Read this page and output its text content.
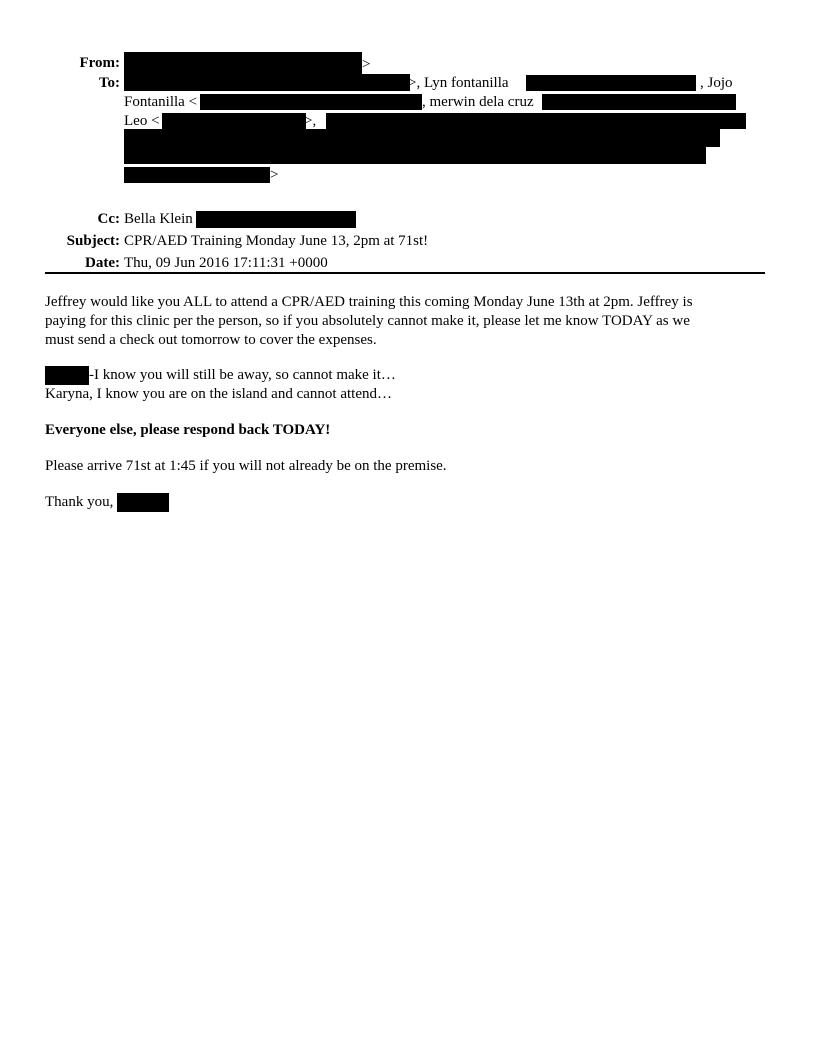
From:	>
To:	>, Lyn fontanilla	, Jojo
Fontanilla <	, merwin dela cruz
Leo <	>,
>
Cc: Bella Klein
Subject: CPR/AED Training Monday June 13, 2pm at 71st!
Date: Thu, 09 Jun 2016 17:11:31 +0000
Jeffrey would like you ALL to attend a CPR/AED training this coming Monday June 13th at 2pm. Jeffrey is
paying for this clinic per the person, so if you absolutely cannot make it, please let me know TODAY as we
must send a check out tomorrow to cover the expenses.
-I know you will still be away, so cannot make it…
Karyna, I know you are on the island and cannot attend…
Everyone else, please respond back TODAY!
Please arrive 71st at 1:45 if you will not already be on the premise.
Thank you,
